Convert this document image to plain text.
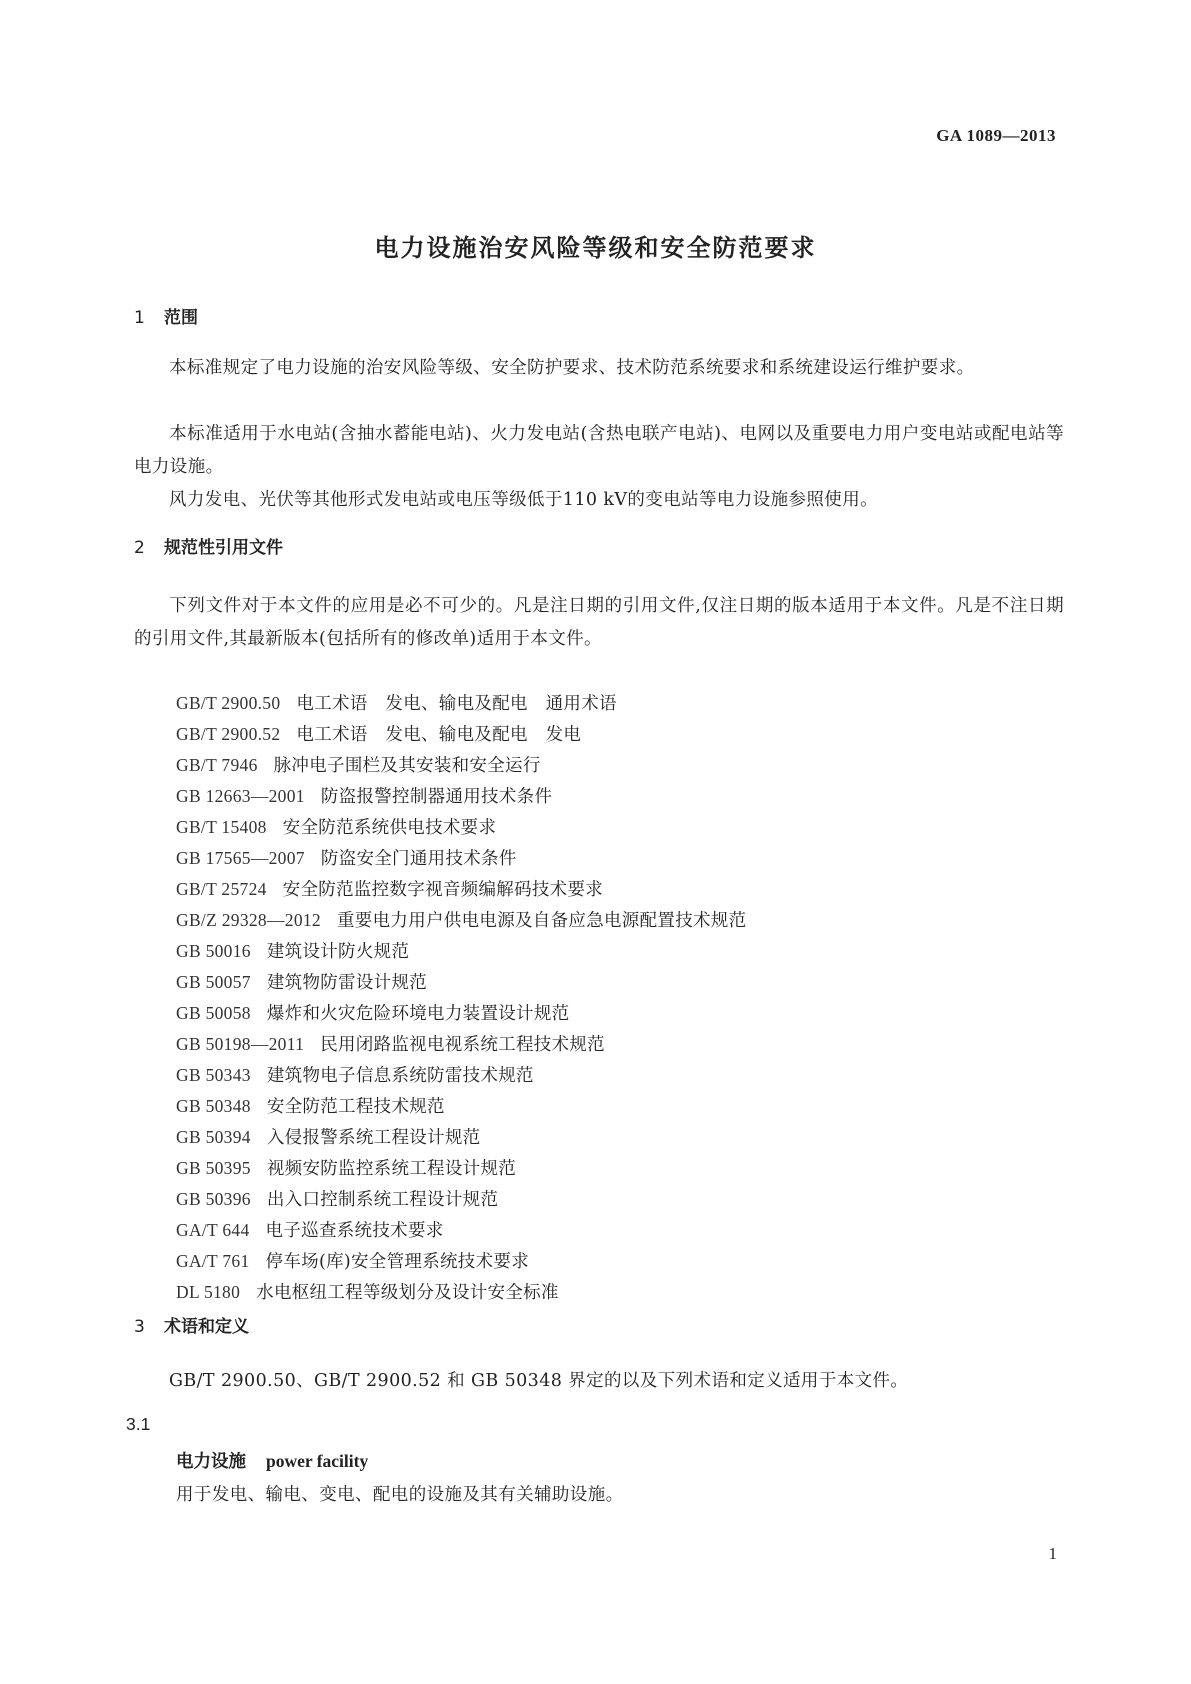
GA 1089—2013
电力设施治安风险等级和安全防范要求
1 范围
本标准规定了电力设施的治安风险等级、安全防护要求、技术防范系统要求和系统建设运行维护要求。
本标准适用于水电站(含抽水蓄能电站)、火力发电站(含热电联产电站)、电网以及重要电力用户变电站或配电站等电力设施。
风力发电、光伏等其他形式发电站或电压等级低于110 kV的变电站等电力设施参照使用。
2 规范性引用文件
下列文件对于本文件的应用是必不可少的。凡是注日期的引用文件,仅注日期的版本适用于本文件。凡是不注日期的引用文件,其最新版本(包括所有的修改单)适用于本文件。
GB/T 2900.50 电工术语　发电、输电及配电　通用术语
GB/T 2900.52 电工术语　发电、输电及配电　发电
GB/T 7946 脉冲电子围栏及其安装和安全运行
GB 12663—2001 防盗报警控制器通用技术条件
GB/T 15408 安全防范系统供电技术要求
GB 17565—2007 防盗安全门通用技术条件
GB/T 25724 安全防范监控数字视音频编解码技术要求
GB/Z 29328—2012 重要电力用户供电电源及自备应急电源配置技术规范
GB 50016 建筑设计防火规范
GB 50057 建筑物防雷设计规范
GB 50058 爆炸和火灾危险环境电力装置设计规范
GB 50198—2011 民用闭路监视电视系统工程技术规范
GB 50343 建筑物电子信息系统防雷技术规范
GB 50348 安全防范工程技术规范
GB 50394 入侵报警系统工程设计规范
GB 50395 视频安防监控系统工程设计规范
GB 50396 出入口控制系统工程设计规范
GA/T 644 电子巡查系统技术要求
GA/T 761 停车场(库)安全管理系统技术要求
DL 5180 水电枢纽工程等级划分及设计安全标准
3 术语和定义
GB/T 2900.50、GB/T 2900.52 和 GB 50348 界定的以及下列术语和定义适用于本文件。
3.1
电力设施 power facility
用于发电、输电、变电、配电的设施及其有关辅助设施。
1
